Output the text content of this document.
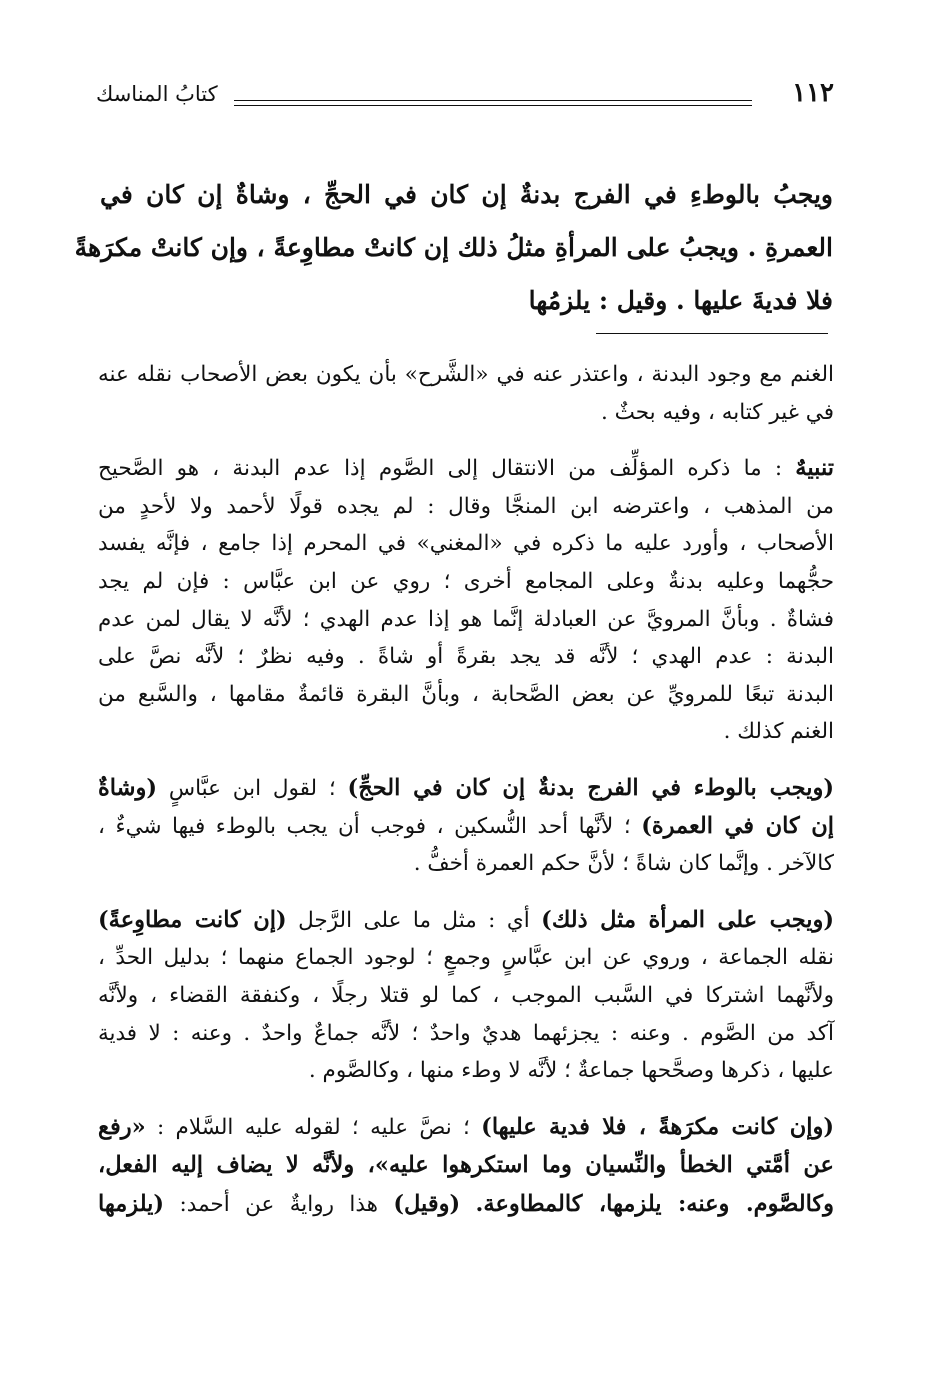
١١٢
كتابُ المناسك
ويجبُ بالوطءِ في الفرج بدنةٌ إن كان في الحجِّ ، وشاةٌ إن كان في
العمرةِ . ويجبُ على المرأةِ مثلُ ذلك إن كانتْ مطاوِعةً ، وإن كانتْ مكرَهةً
فلا فديةَ عليها . وقيل : يلزمُها
الغنم مع وجود البدنة ، واعتذر عنه في «الشَّرح» بأن يكون بعض الأصحاب نقله عنه
في غير كتابه ، وفيه بحثٌ .
تنبيهٌ : ما ذكره المؤلِّف من الانتقال إلى الصَّوم إذا عدم البدنة ، هو الصَّحيح
من المذهب ، واعترضه ابن المنجَّا وقال : لم يجده قولًا لأحمد ولا لأحدٍ من
الأصحاب ، وأورد عليه ما ذكره في «المغني» في المحرم إذا جامع ، فإنَّه يفسد
حجُّهما وعليه بدنةٌ وعلى المجامع أخرى ؛ روي عن ابن عبَّاس : فإن لم يجد
فشاةٌ . وبأنَّ المرويَّ عن العبادلة إنَّما هو إذا عدم الهدي ؛ لأنَّه لا يقال لمن عدم
البدنة : عدم الهدي ؛ لأنَّه قد يجد بقرةً أو شاةً . وفيه نظرٌ ؛ لأنَّه نصَّ على
البدنة تبعًا للمرويِّ عن بعض الصَّحابة ، وبأنَّ البقرة قائمةٌ مقامها ، والسَّبع من
الغنم كذلك .
(ويجب بالوطء في الفرج بدنةٌ إن كان في الحجِّ) ؛ لقول ابن عبَّاسٍ (وشاةٌ
إن كان في العمرة) ؛ لأنَّها أحد النُّسكين ، فوجب أن يجب بالوطء فيها شيءٌ ،
كالآخر . وإنَّما كان شاةً ؛ لأنَّ حكم العمرة أخفُّ .
(ويجب على المرأة مثل ذلك) أي : مثل ما على الرَّجل (إن كانت مطاوِعةً)
نقله الجماعة ، وروي عن ابن عبَّاسٍ وجمعٍ ؛ لوجود الجماع منهما ؛ بدليل الحدِّ ،
ولأنَّهما اشتركا في السَّبب الموجب ، كما لو قتلا رجلًا ، وكنفقة القضاء ، ولأنَّه
آكد من الصَّوم . وعنه : يجزئهما هديٌ واحدٌ ؛ لأنَّه جماعٌ واحدٌ . وعنه : لا فدية
عليها ، ذكرها وصحَّحها جماعةٌ ؛ لأنَّه لا وطء منها ، وكالصَّوم .
(وإن كانت مكرَهةً ، فلا فدية عليها) ؛ نصَّ عليه ؛ لقوله عليه السَّلام : «رفع
عن أمَّتي الخطأ والنِّسيان وما استكرهوا عليه»، ولأنَّه لا يضاف إليه الفعل،
وكالصَّوم. وعنه: يلزمها، كالمطاوعة. (وقيل) هذا روايةٌ عن أحمد: (يلزمها
